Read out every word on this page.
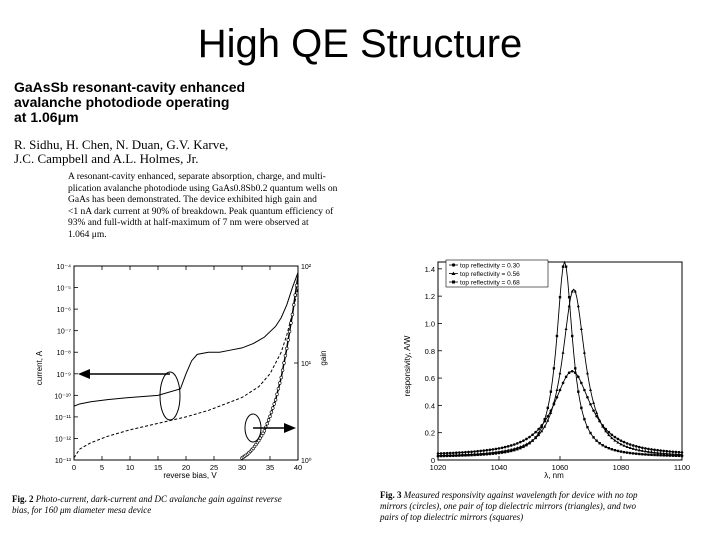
High QE Structure
GaAsSb resonant-cavity enhanced
avalanche photodiode operating
at 1.06μm
R. Sidhu, H. Chen, N. Duan, G.V. Karve,
J.C. Campbell and A.L. Holmes, Jr.
A resonant-cavity enhanced, separate absorption, charge, and multi-
plication avalanche photodiode using GaAs0.8Sb0.2 quantum wells on
GaAs has been demonstrated. The device exhibited high gain and
<1 nA dark current at 90% of breakdown. Peak quantum efficiency of
93% and full-width at half-maximum of 7 nm were observed at
1.064 μm.
0	5	10	15	20	25	30	35	40
10⁻⁴
10⁻⁵
10⁻⁶
10⁻⁷
10⁻⁸
10⁻⁹
10⁻¹⁰
10⁻¹¹
10⁻¹²
10⁻¹³
10²
10¹
10⁰
reverse bias, V
current, A	gain
Fig. 2 Photo-current, dark-current and DC avalanche gain against reverse
bias, for 160 μm diameter mesa device
1020	1040	1060	1080	1100
0
0.2
0.4
0.6
0.8
1.0
1.2
1.4	top reflectivity = 0.30
top reflectivity = 0.56
top reflectivity = 0.68
λ, nm
responsivity, A/W
Fig. 3 Measured responsivity against wavelength for device with no top
mirrors (circles), one pair of top dielectric mirrors (triangles), and two
pairs of top dielectric mirrors (squares)
